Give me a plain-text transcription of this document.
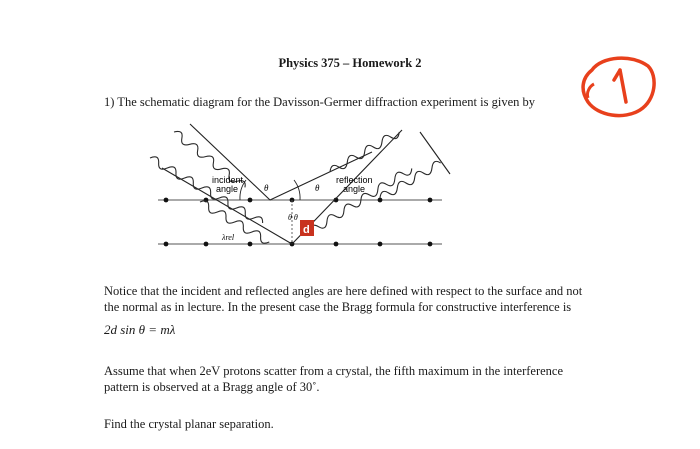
Physics 375 – Homework 2
1) The schematic diagram for the Davisson-Germer diffraction experiment is given by
d
θ	θ
θ θ
incident
angle
reflection
angle
λrel
Notice that the incident and reflected angles are here defined with respect to the surface and not
the normal as in lecture. In the present case the Bragg formula for constructive interference is
2d sin θ = mλ
Assume that when 2eV protons scatter from a crystal, the fifth maximum in the interference
pattern is observed at a Bragg angle of 30˚.
Find the crystal planar separation.
